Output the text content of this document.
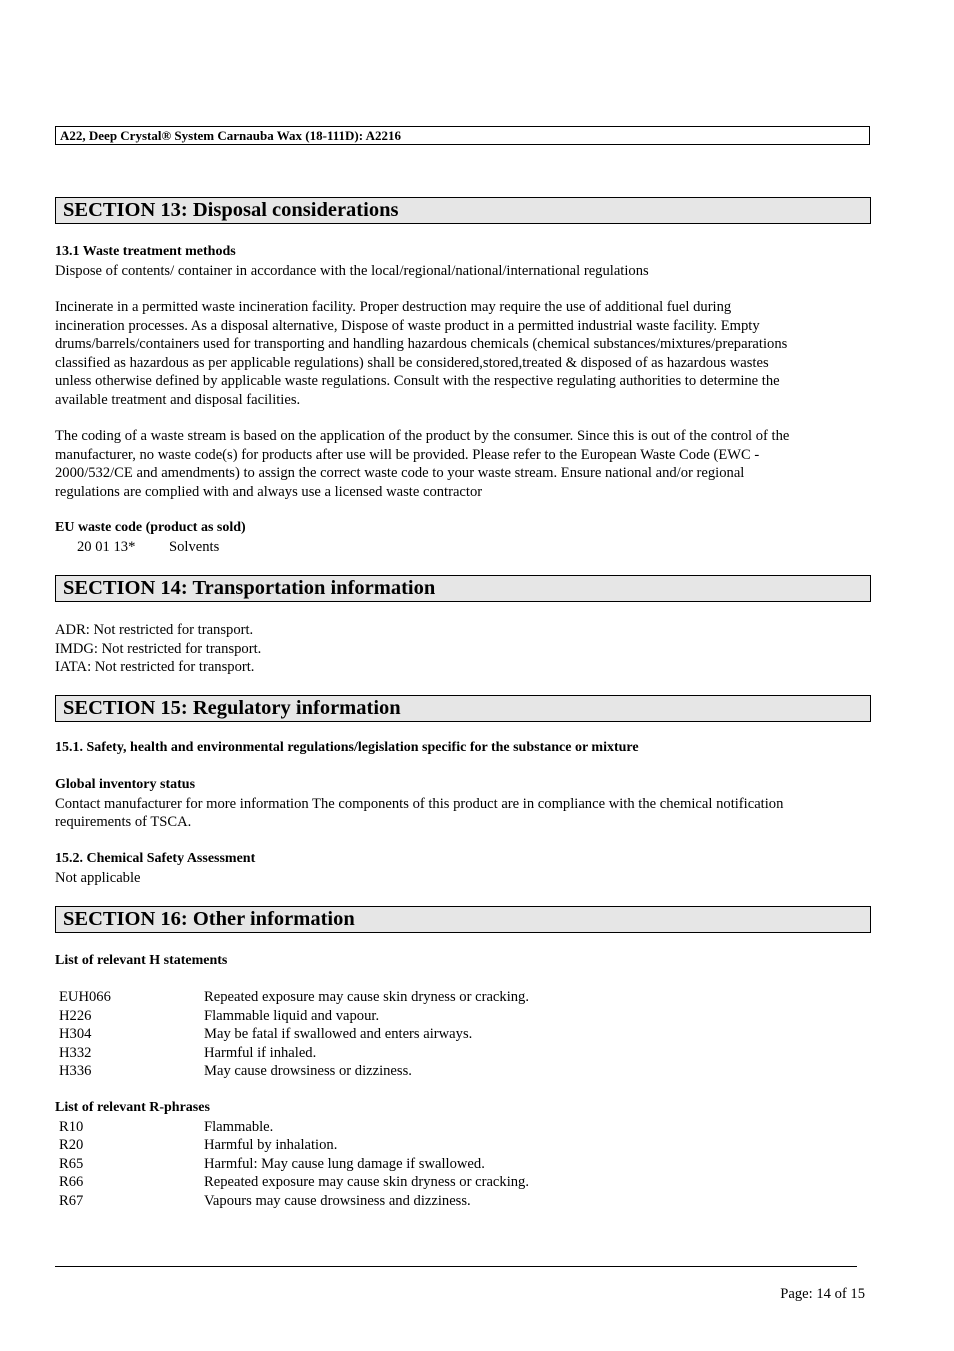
A22, Deep Crystal® System Carnauba Wax (18-111D): A2216
SECTION 13: Disposal considerations

13.1 Waste treatment methods

Dispose of contents/ container in accordance with the local/regional/national/international regulations

Incinerate in a permitted waste incineration facility. Proper destruction may require the use of additional fuel during

incineration processes. As a disposal alternative, Dispose of waste product in a permitted industrial waste facility. Empty

drums/barrels/containers used for transporting and handling hazardous chemicals (chemical substances/mixtures/preparations

classified as hazardous as per applicable regulations) shall be considered,stored,treated & disposed of as hazardous wastes

unless otherwise defined by applicable waste regulations. Consult with the respective regulating authorities to determine the

available treatment and disposal facilities.

The coding of a waste stream is based on the application of the product by the consumer. Since this is out of the control of the

manufacturer, no waste code(s) for products after use will be provided. Please refer to the European Waste Code (EWC -

2000/532/CE and amendments) to assign the correct waste code to your waste stream. Ensure national and/or regional

regulations are complied with and always use a licensed waste contractor

EU waste code (product as sold)

20 01 13*	Solvents
SECTION 14: Transportation information

ADR: Not restricted for transport.

IMDG: Not restricted for transport.

IATA: Not restricted for transport.

SECTION 15: Regulatory information

15.1. Safety, health and environmental regulations/legislation specific for the substance or mixture

Global inventory status

Contact manufacturer for more information The components of this product are in compliance with the chemical notification

requirements of TSCA.

15.2. Chemical Safety Assessment

Not applicable

SECTION 16: Other information

List of relevant H statements

EUH066	Repeated exposure may cause skin dryness or cracking.
H226	Flammable liquid and vapour.
H304	May be fatal if swallowed and enters airways.
H332	Harmful if inhaled.
H336	May cause drowsiness or dizziness.

List of relevant R-phrases

R10	Flammable.
R20	Harmful by inhalation.
R65	Harmful: May cause lung damage if swallowed.
R66	Repeated exposure may cause skin dryness or cracking.
R67	Vapours may cause drowsiness and dizziness.
Page: 14 of 15
